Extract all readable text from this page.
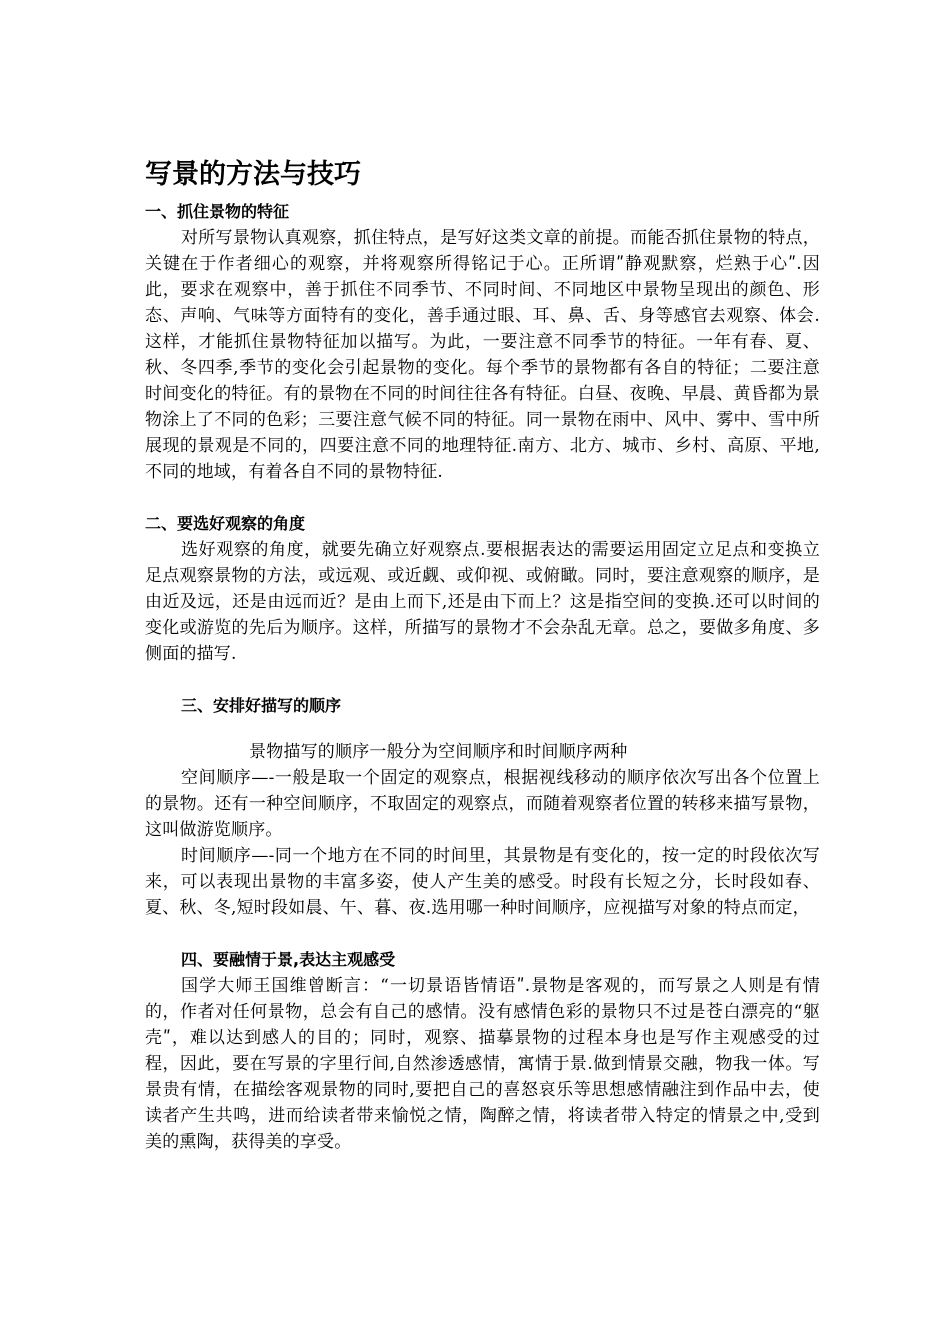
写景的方法与技巧
一、抓住景物的特征

对所写景物认真观察，抓住特点，是写好这类文章的前提。而能否抓住景物的特点，关键在于作者细心的观察，并将观察所得铭记于心。正所谓ʺ静观默察，烂熟于心ʺ.因此，要求在观察中，善于抓住不同季节、不同时间、不同地区中景物呈现出的颜色、形态、声响、气味等方面特有的变化，善手通过眼、耳、鼻、舌、身等感官去观察、体会.这样，才能抓住景物特征加以描写。为此，一要注意不同季节的特征。一年有春、夏、秋、冬四季,季节的变化会引起景物的变化。每个季节的景物都有各自的特征；二要注意时间变化的特征。有的景物在不同的时间往往各有特征。白昼、夜晚、早晨、黄昏都为景物涂上了不同的色彩；三要注意气候不同的特征。同一景物在雨中、风中、雾中、雪中所展现的景观是不同的，四要注意不同的地理特征.南方、北方、城市、乡村、高原、平地,不同的地域，有着各自不同的景物特征.

二、要选好观察的角度

选好观察的角度，就要先确立好观察点.要根据表达的需要运用固定立足点和变换立足点观察景物的方法，或远观、或近觑、或仰视、或俯瞰。同时，要注意观察的顺序，是由近及远，还是由远而近？是由上而下,还是由下而上？这是指空间的变换.还可以时间的变化或游览的先后为顺序。这样，所描写的景物才不会杂乱无章。总之，要做多角度、多侧面的描写.

三、安排好描写的顺序

景物描写的顺序一般分为空间顺序和时间顺序两种

空间顺序—-一般是取一个固定的观察点，根据视线移动的顺序依次写出各个位置上的景物。还有一种空间顺序，不取固定的观察点，而随着观察者位置的转移来描写景物，这叫做游览顺序。

时间顺序—-同一个地方在不同的时间里，其景物是有变化的，按一定的时段依次写来，可以表现出景物的丰富多姿，使人产生美的感受。时段有长短之分，长时段如春、夏、秋、冬,短时段如晨、午、暮、夜.选用哪一种时间顺序，应视描写对象的特点而定，

四、要融情于景,表达主观感受

国学大师王国维曾断言：“一切景语皆情语ʺ.景物是客观的，而写景之人则是有情的，作者对任何景物，总会有自己的感情。没有感情色彩的景物只不过是苍白漂亮的“躯壳ʺ，难以达到感人的目的；同时，观察、描摹景物的过程本身也是写作主观感受的过程，因此，要在写景的字里行间,自然渗透感情，寓情于景.做到情景交融，物我一体。写景贵有情，在描绘客观景物的同时,要把自己的喜怒哀乐等思想感情融注到作品中去，使读者产生共鸣，进而给读者带来愉悦之情，陶醉之情，将读者带入特定的情景之中,受到美的熏陶，获得美的享受。
